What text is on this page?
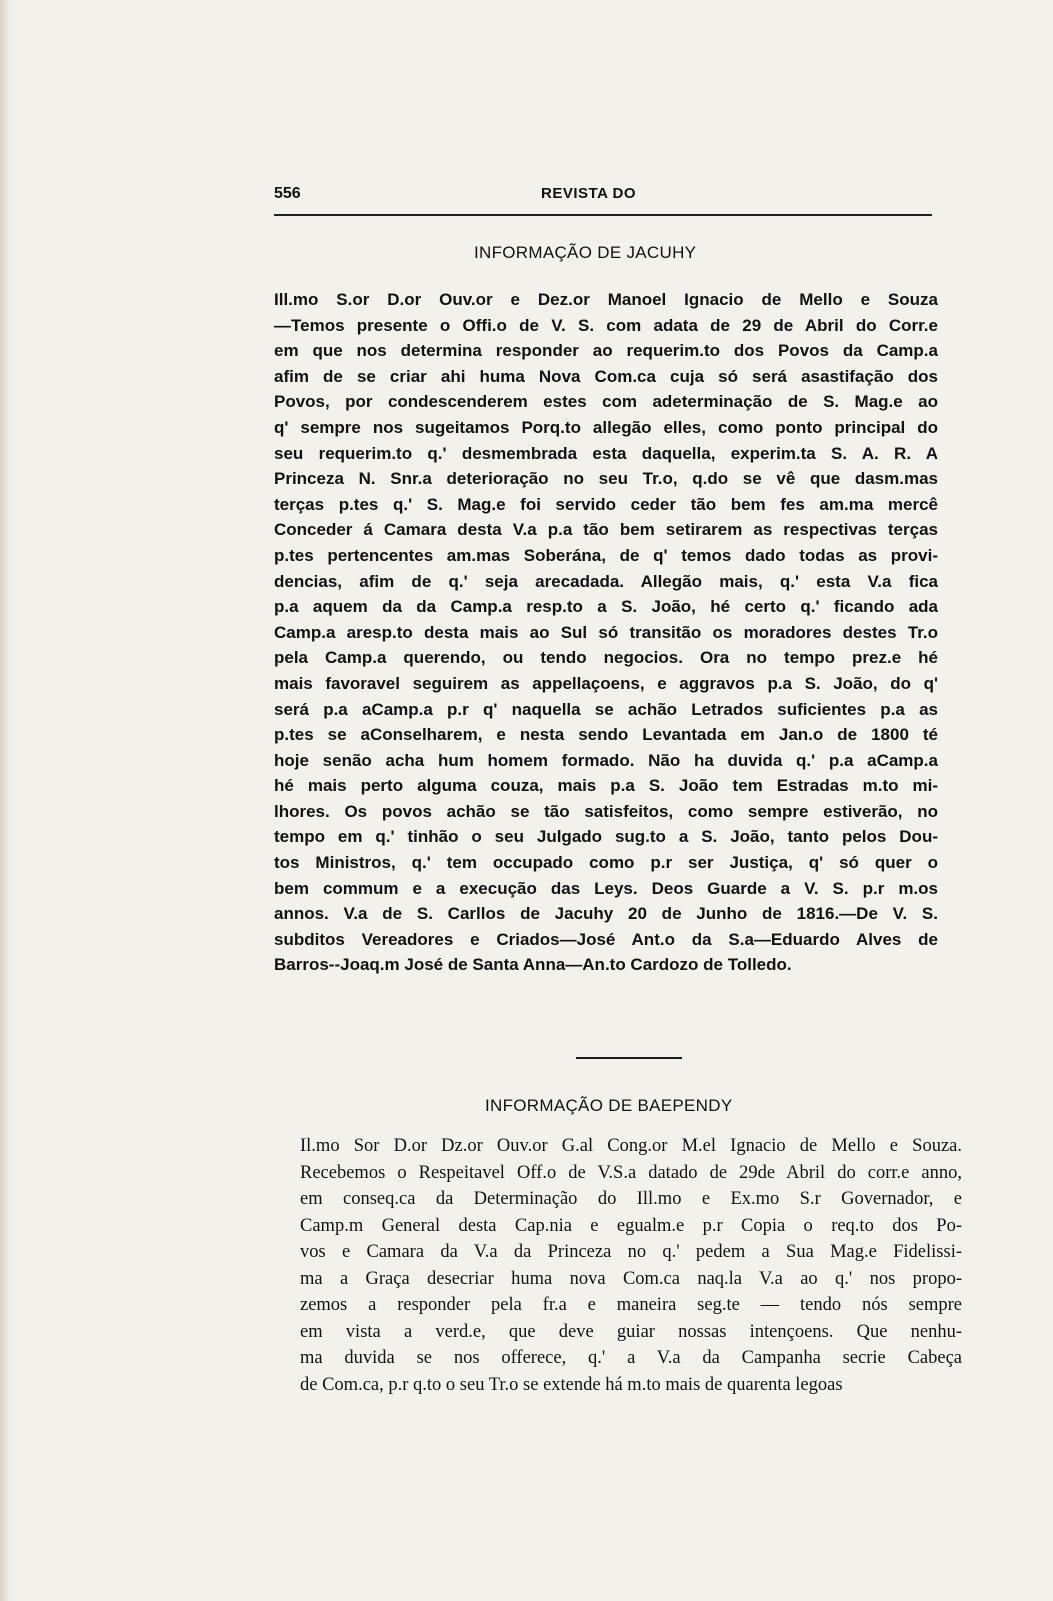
556	REVISTA DO
INFORMAÇÃO DE JACUHY
Ill.mo S.or D.or Ouv.or e Dez.or Manoel Ignacio de Mello e Souza
—Temos presente o Offi.o de V. S. com adata de 29 de Abril do Corr.e
em que nos determina responder ao requerim.to dos Povos da Camp.a
afim de se criar ahi huma Nova Com.ca cuja só será asastifação dos
Povos, por condescenderem estes com adeterminação de S. Mag.e ao
q' sempre nos sugeitamos Porq.to allegão elles, como ponto principal do
seu requerim.to q.' desmembrada esta daquella, experim.ta S. A. R. A
Princeza N. Snr.a deterioração no seu Tr.o, q.do se vê que dasm.mas
terças p.tes q.' S. Mag.e foi servido ceder tão bem fes am.ma mercê
Conceder á Camara desta V.a p.a tão bem setirarem as respectivas terças
p.tes pertencentes am.mas Soberána, de q' temos dado todas as provi-
dencias, afim de q.' seja arecadada. Allegão mais, q.' esta V.a fica
p.a aquem da da Camp.a resp.to a S. João, hé certo q.' ficando ada
Camp.a aresp.to desta mais ao Sul só transitão os moradores destes Tr.o
pela Camp.a querendo, ou tendo negocios. Ora no tempo prez.e hé
mais favoravel seguirem as appellaçoens, e aggravos p.a S. João, do q'
será p.a aCamp.a p.r q' naquella se achão Letrados suficientes p.a as
p.tes se aConselharem, e nesta sendo Levantada em Jan.o de 1800 té
hoje senão acha hum homem formado. Não ha duvida q.' p.a aCamp.a
hé mais perto alguma couza, mais p.a S. João tem Estradas m.to mi-
lhores. Os povos achão se tão satisfeitos, como sempre estiverão, no
tempo em q.' tinhão o seu Julgado sug.to a S. João, tanto pelos Dou-
tos Ministros, q.' tem occupado como p.r ser Justiça, q' só quer o
bem commum e a execução das Leys. Deos Guarde a V. S. p.r m.os
annos. V.a de S. Carllos de Jacuhy 20 de Junho de 1816.—De V. S.
subditos Vereadores e Criados—José Ant.o da S.a—Eduardo Alves de
Barros--Joaq.m José de Santa Anna—An.to Cardozo de Tolledo.
INFORMAÇÃO DE BAEPENDY
Il.mo Sor D.or Dz.or Ouv.or G.al Cong.or M.el Ignacio de Mello e Souza.
Recebemos o Respeitavel Off.o de V.S.a datado de 29de Abril do corr.e anno,
em conseq.ca da Determinação do Ill.mo e Ex.mo S.r Governador, e
Camp.m General desta Cap.nia e egualm.e p.r Copia o req.to dos Po-
vos e Camara da V.a da Princeza no q.' pedem a Sua Mag.e Fidelissi-
ma a Graça desecriar huma nova Com.ca naq.la V.a ao q.' nos propo-
zemos a responder pela fr.a e maneira seg.te — tendo nós sempre
em vista a verd.e, que deve guiar nossas intençoens. Que nenhu-
ma duvida se nos offerece, q.' a V.a da Campanha secrie Cabeça
de Com.ca, p.r q.to o seu Tr.o se extende há m.to mais de quarenta legoas
